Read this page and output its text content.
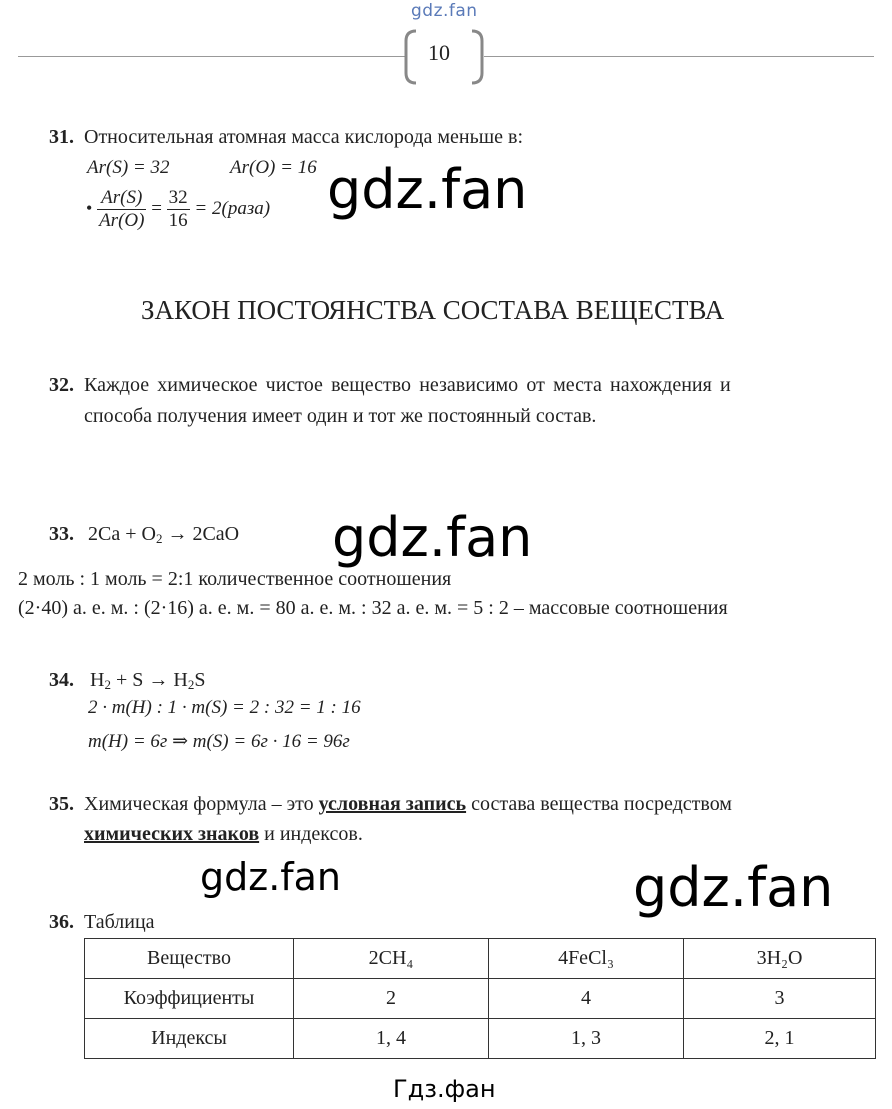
gdz.fan
10
31. Относительная атомная масса кислорода меньше в:
Ar(S) = 32	Ar(O) = 16
• $\frac{Ar(S)}{Ar(O)} = \frac{32}{16}$ = 2(раза) gdz.fan
ЗАКОН ПОСТОЯНСТВА СОСТАВА ВЕЩЕСТВА
32. Каждое химическое чистое вещество независимо от места нахождения и
способа получения имеет один и тот же постоянный состав.
33. $2Ca + O_2 \to 2CaO$ gdz.fan
2 моль : 1 моль = 2:1 количественное соотношения
(2·40) а. е. м. : (2·16) а. е. м. = 80 а. е. м. : 32 а. е. м. = 5 : 2 – массовые соотношения
34. $H_2 + S \to H_2S$
2 · m(H) : 1 · m(S) = 2 : 32 = 1 : 16
m(H) = 6г ⇒ m(S) = 6г · 16 = 96г
35. Химическая формула – это условная запись состава вещества посредством
химических знаков и индексов.
gdz.fan	gdz.fan
36. Таблица
Вещество	2CH₄	4FeCl₃	3H₂O
Коэффициенты	2	4	3
Индексы	1, 4	1, 3	2, 1
Гдз.фан
